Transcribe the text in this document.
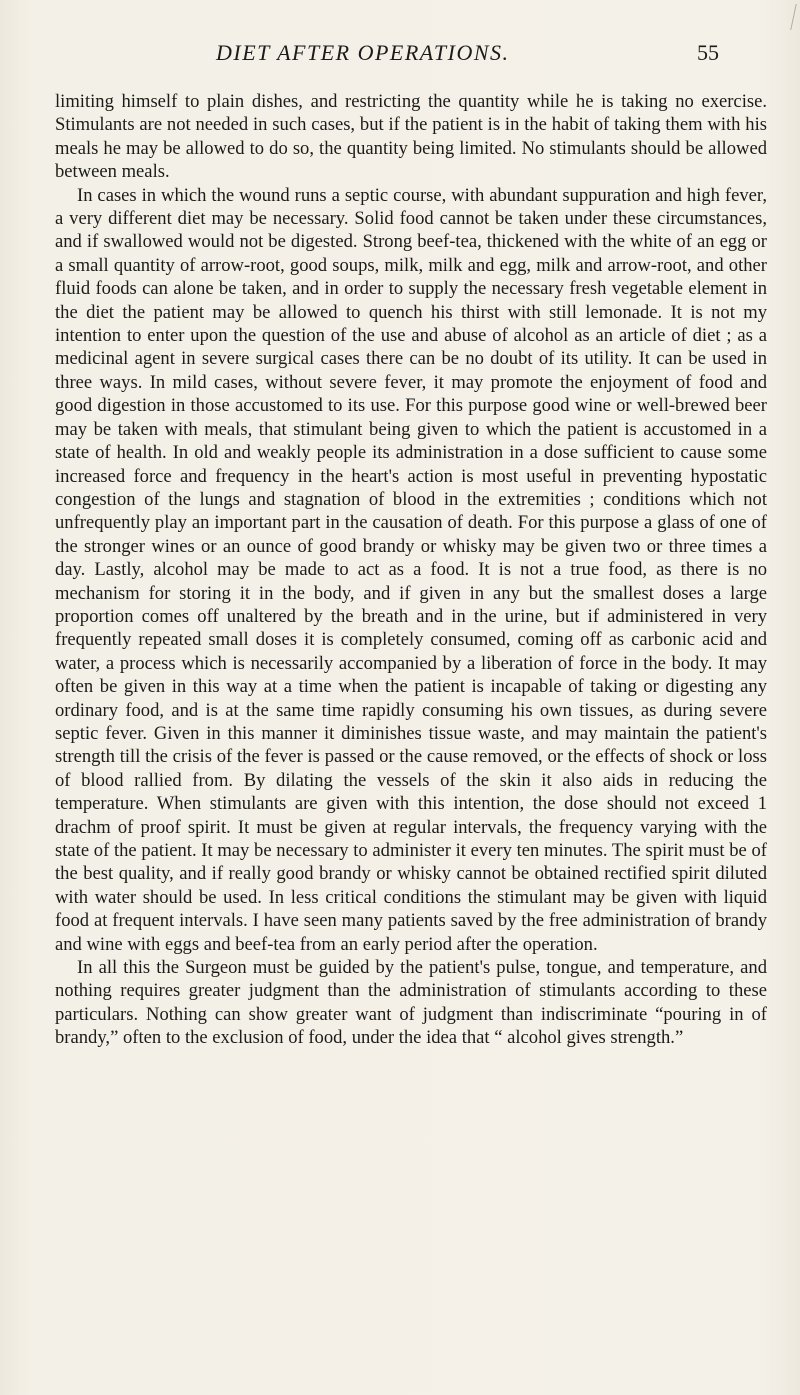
DIET AFTER OPERATIONS.	55

limiting himself to plain dishes, and restricting the quantity while he is taking no exercise. Stimulants are not needed in such cases, but if the patient is in the habit of taking them with his meals he may be allowed to do so, the quantity being limited. No stimulants should be allowed between meals.

In cases in which the wound runs a septic course, with abundant suppuration and high fever, a very different diet may be necessary. Solid food cannot be taken under these circumstances, and if swallowed would not be digested. Strong beef-tea, thickened with the white of an egg or a small quantity of arrow-root, good soups, milk, milk and egg, milk and arrow-root, and other fluid foods can alone be taken, and in order to supply the necessary fresh vegetable element in the diet the patient may be allowed to quench his thirst with still lemonade. It is not my intention to enter upon the question of the use and abuse of alcohol as an article of diet ; as a medicinal agent in severe surgical cases there can be no doubt of its utility. It can be used in three ways. In mild cases, without severe fever, it may promote the enjoyment of food and good digestion in those accustomed to its use. For this purpose good wine or well-brewed beer may be taken with meals, that stimulant being given to which the patient is accustomed in a state of health. In old and weakly people its administration in a dose sufficient to cause some increased force and frequency in the heart's action is most useful in preventing hypostatic congestion of the lungs and stagnation of blood in the extremities ; conditions which not unfrequently play an important part in the causation of death. For this purpose a glass of one of the stronger wines or an ounce of good brandy or whisky may be given two or three times a day. Lastly, alcohol may be made to act as a food. It is not a true food, as there is no mechanism for storing it in the body, and if given in any but the smallest doses a large proportion comes off unaltered by the breath and in the urine, but if administered in very frequently repeated small doses it is completely consumed, coming off as carbonic acid and water, a process which is necessarily accompanied by a liberation of force in the body. It may often be given in this way at a time when the patient is incapable of taking or digesting any ordinary food, and is at the same time rapidly consuming his own tissues, as during severe septic fever. Given in this manner it diminishes tissue waste, and may maintain the patient's strength till the crisis of the fever is passed or the cause removed, or the effects of shock or loss of blood rallied from. By dilating the vessels of the skin it also aids in reducing the temperature. When stimulants are given with this intention, the dose should not exceed 1 drachm of proof spirit. It must be given at regular intervals, the frequency varying with the state of the patient. It may be necessary to administer it every ten minutes. The spirit must be of the best quality, and if really good brandy or whisky cannot be obtained rectified spirit diluted with water should be used. In less critical conditions the stimulant may be given with liquid food at frequent intervals. I have seen many patients saved by the free administration of brandy and wine with eggs and beef-tea from an early period after the operation.

In all this the Surgeon must be guided by the patient's pulse, tongue, and temperature, and nothing requires greater judgment than the administration of stimulants according to these particulars. Nothing can show greater want of judgment than indiscriminate “pouring in of brandy,” often to the exclusion of food, under the idea that “ alcohol gives strength.”
